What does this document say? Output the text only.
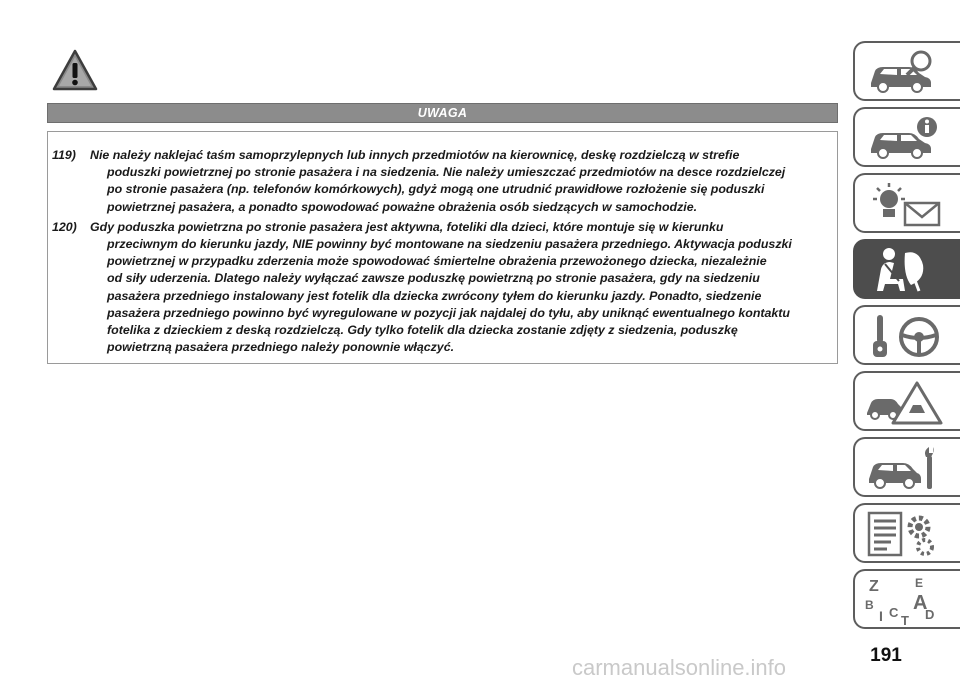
UWAGA
119)	Nie należy naklejać taśm samoprzylepnych lub innych przedmiotów na kierownicę, deskę rozdzielczą w strefie
poduszki powietrznej po stronie pasażera i na siedzenia. Nie należy umieszczać przedmiotów na desce rozdzielczej
po stronie pasażera (np. telefonów komórkowych), gdyż mogą one utrudnić prawidłowe rozłożenie się poduszki
powietrznej pasażera, a ponadto spowodować poważne obrażenia osób siedzących w samochodzie.
120)	Gdy poduszka powietrzna po stronie pasażera jest aktywna, foteliki dla dzieci, które montuje się w kierunku
przeciwnym do kierunku jazdy, NIE powinny być montowane na siedzeniu pasażera przedniego. Aktywacja poduszki
powietrznej w przypadku zderzenia może spowodować śmiertelne obrażenia przewożonego dziecka, niezależnie
od siły uderzenia. Dlatego należy wyłączać zawsze poduszkę powietrzną po stronie pasażera, gdy na siedzeniu
pasażera przedniego instalowany jest fotelik dla dziecka zwrócony tyłem do kierunku jazdy. Ponadto, siedzenie
pasażera przedniego powinno być wyregulowane w pozycji jak najdalej do tyłu, aby uniknąć ewentualnego kontaktu
fotelika z dzieckiem z deską rozdzielczą. Gdy tylko fotelik dla dziecka zostanie zdjęty z siedzenia, poduszkę
powietrzną pasażera przedniego należy ponownie włączyć.
Z	E
B A
I C D
T
191
carmanualsonline.info
